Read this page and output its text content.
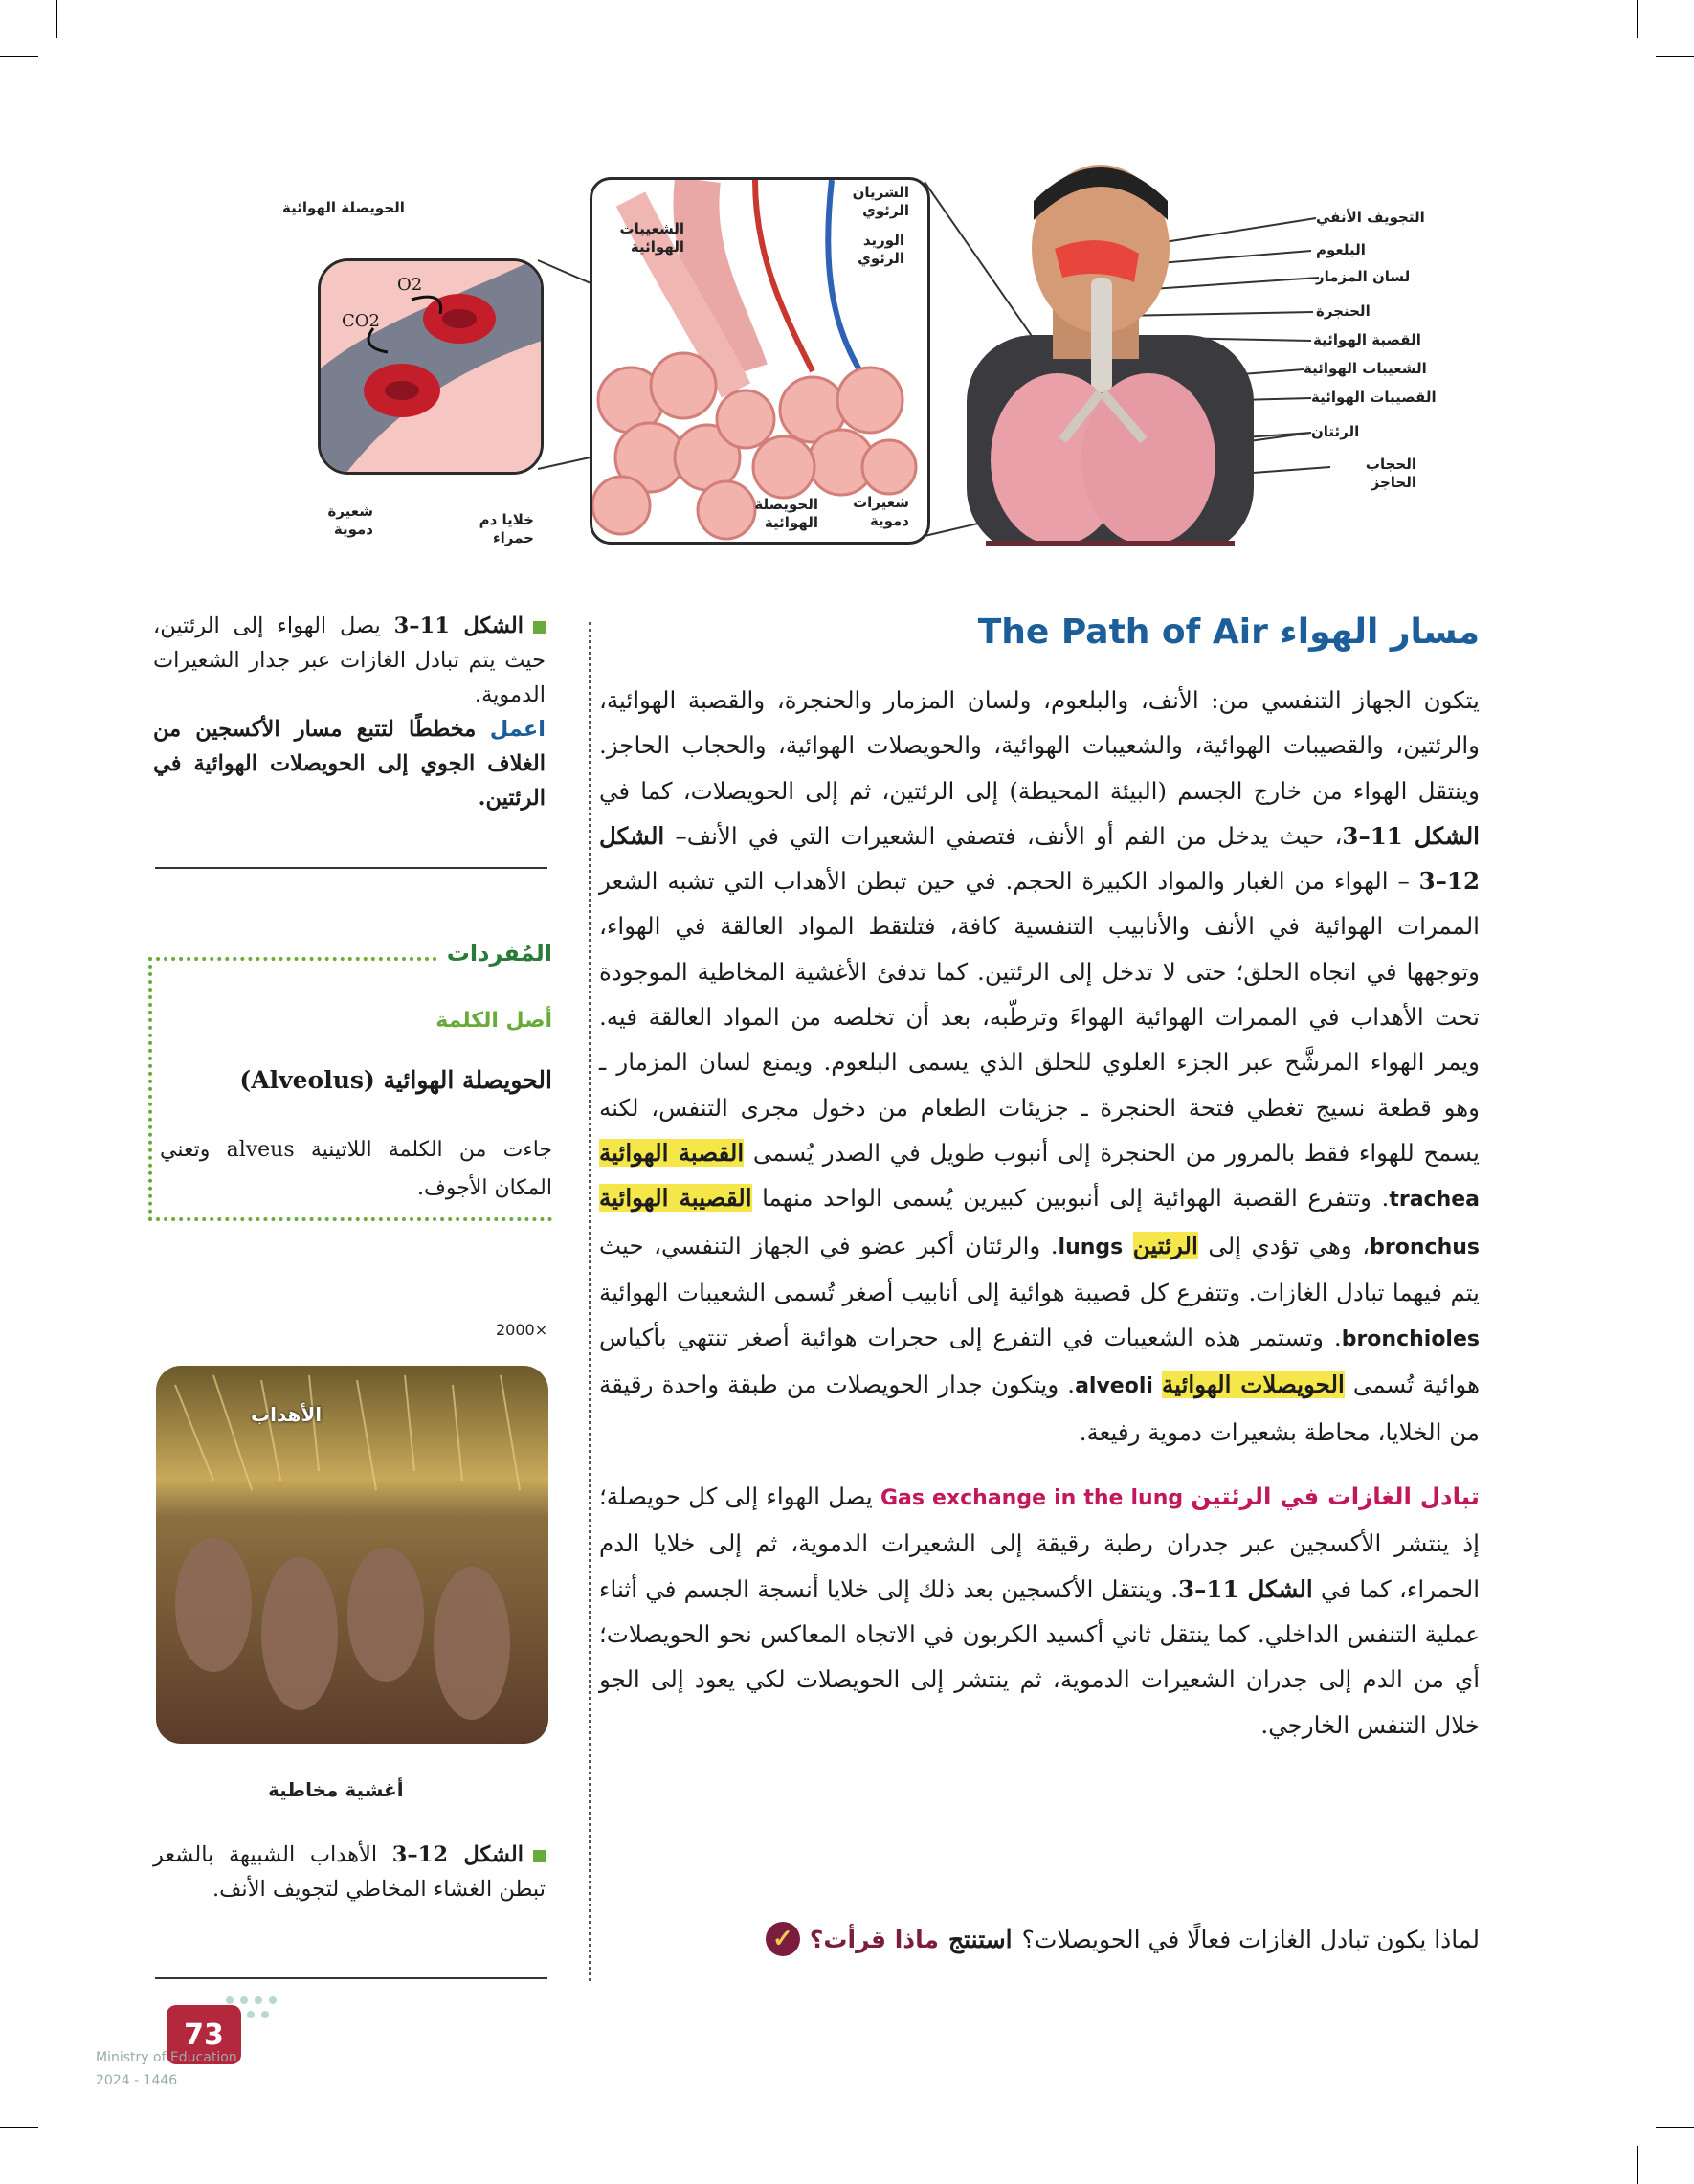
التجويف الأنفي
البلعوم
لسان المزمار
الحنجرة
القصبة الهوائية
الشعيبات الهوائية
القصيبات الهوائية
الرئتان
الحجاب الحاجز
الشريان الرئوي
الشعيبات الهوائية	الوريد الرئوي
الحويصلة الهوائية
شعيرات دموية
O2
CO2
الحويصلة الهوائية
شعيرة دموية
خلايا دم حمراء
مسار الهواء The Path of Air

يتكون الجهاز التنفسي من: الأنف، والبلعوم، ولسان المزمار والحنجرة، والقصبة الهوائية، والرئتين، والقصيبات الهوائية، والشعيبات الهوائية، والحويصلات الهوائية، والحجاب الحاجز. وينتقل الهواء من خارج الجسم (البيئة المحيطة) إلى الرئتين، ثم إلى الحويصلات، كما في الشكل 11–3، حيث يدخل من الفم أو الأنف، فتصفي الشعيرات التي في الأنف– الشكل 12–3 – الهواء من الغبار والمواد الكبيرة الحجم. في حين تبطن الأهداب التي تشبه الشعر الممرات الهوائية في الأنف والأنابيب التنفسية كافة، فتلتقط المواد العالقة في الهواء، وتوجهها في اتجاه الحلق؛ حتى لا تدخل إلى الرئتين. كما تدفئ الأغشية المخاطية الموجودة تحت الأهداب في الممرات الهوائية الهواءَ وترطّبه، بعد أن تخلصه من المواد العالقة فيه. ويمر الهواء المرشَّح عبر الجزء العلوي للحلق الذي يسمى البلعوم. ويمنع لسان المزمار ـ وهو قطعة نسيج تغطي فتحة الحنجرة ـ جزيئات الطعام من دخول مجرى التنفس، لكنه يسمح للهواء فقط بالمرور من الحنجرة إلى أنبوب طويل في الصدر يُسمى القصبة الهوائية trachea. وتتفرع القصبة الهوائية إلى أنبوبين كبيرين يُسمى الواحد منهما القصيبة الهوائية bronchus، وهي تؤدي إلى الرئتين lungs. والرئتان أكبر عضو في الجهاز التنفسي، حيث يتم فيهما تبادل الغازات. وتتفرع كل قصيبة هوائية إلى أنابيب أصغر تُسمى الشعيبات الهوائية bronchioles. وتستمر هذه الشعيبات في التفرع إلى حجرات هوائية أصغر تنتهي بأكياس هوائية تُسمى الحويصلات الهوائية alveoli. ويتكون جدار الحويصلات من طبقة واحدة رقيقة من الخلايا، محاطة بشعيرات دموية رفيعة.

تبادل الغازات في الرئتين Gas exchange in the lung يصل الهواء إلى كل حويصلة؛ إذ ينتشر الأكسجين عبر جدران رطبة رقيقة إلى الشعيرات الدموية، ثم إلى خلايا الدم الحمراء، كما في الشكل 11–3. وينتقل الأكسجين بعد ذلك إلى خلايا أنسجة الجسم في أثناء عملية التنفس الداخلي. كما ينتقل ثاني أكسيد الكربون في الاتجاه المعاكس نحو الحويصلات؛ أي من الدم إلى جدران الشعيرات الدموية، ثم ينتشر إلى الحويصلات لكي يعود إلى الجو خلال التنفس الخارجي.

✓ ماذا قرأت؟ استنتج لماذا يكون تبادل الغازات فعالًا في الحويصلات؟

الشكل 11–3 يصل الهواء إلى الرئتين، حيث يتم تبادل الغازات عبر جدار الشعيرات الدموية.

اعمل مخططًا لتتبع مسار الأكسجين من الغلاف الجوي إلى الحويصلات الهوائية في الرئتين.

المُفردات
أصل الكلمة
الحويصلة الهوائية (Alveolus)
جاءت من الكلمة اللاتينية alveus وتعني المكان الأجوف.
2000×
الأهداب
أغشية مخاطية

الشكل 12–3 الأهداب الشبيهة بالشعر تبطن الغشاء المخاطي لتجويف الأنف.

73
Ministry of Education
2024 - 1446
